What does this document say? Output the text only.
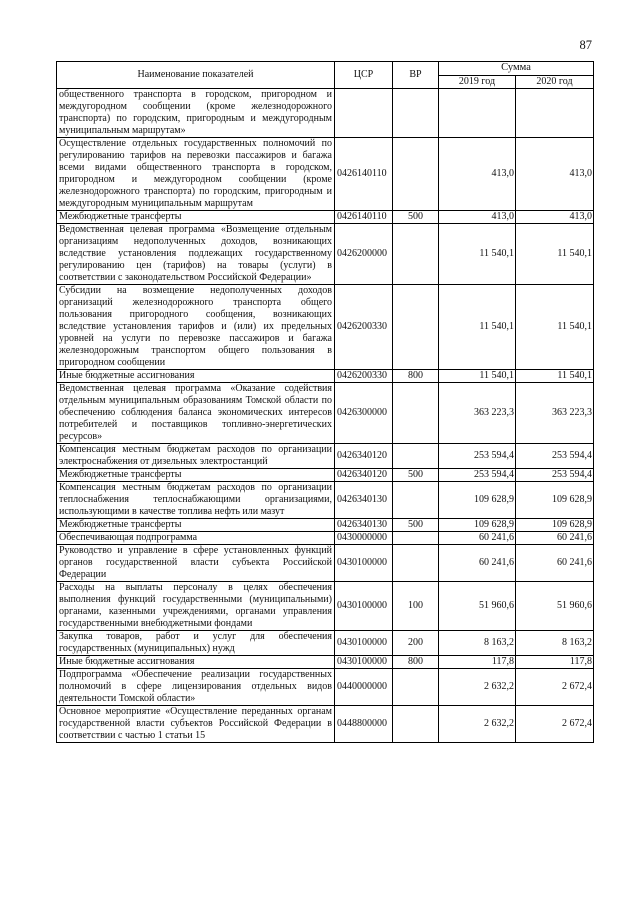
87
Наименование показателей	ЦСР	ВР	Сумма	
			2019 год	2020 год
общественного транспорта в городском, пригородном и междугородном сообщении (кроме железнодорожного транспорта) по городским, пригородным и междугородным муниципальным маршрутам»				
Осуществление отдельных государственных полномочий по регулированию тарифов на перевозки пассажиров и багажа всеми видами общественного транспорта в городском, пригородном и междугородном сообщении (кроме железнодорожного транспорта) по городским, пригородным и междугородным муниципальным маршрутам	0426140110		413,0	413,0
Межбюджетные трансферты	0426140110	500	413,0	413,0
Ведомственная целевая программа «Возмещение отдельным организациям недополученных доходов, возникающих вследствие установления подлежащих государственному регулированию цен (тарифов) на товары (услуги) в соответствии с законодательством Российской Федерации»	0426200000		11 540,1	11 540,1
Субсидии на возмещение недополученных доходов организаций железнодорожного транспорта общего пользования пригородного сообщения, возникающих вследствие установления тарифов и (или) их предельных уровней на услуги по перевозке пассажиров и багажа железнодорожным транспортом общего пользования в пригородном сообщении	0426200330		11 540,1	11 540,1
Иные бюджетные ассигнования	0426200330	800	11 540,1	11 540,1
Ведомственная целевая программа «Оказание содействия отдельным муниципальным образованиям Томской области по обеспечению соблюдения баланса экономических интересов потребителей и поставщиков топливно-энергетических ресурсов»	0426300000		363 223,3	363 223,3
Компенсация местным бюджетам расходов по организации электроснабжения от дизельных электростанций	0426340120		253 594,4	253 594,4
Межбюджетные трансферты	0426340120	500	253 594,4	253 594,4
Компенсация местным бюджетам расходов по организации теплоснабжения теплоснабжающими организациями, использующими в качестве топлива нефть или мазут	0426340130		109 628,9	109 628,9
Межбюджетные трансферты	0426340130	500	109 628,9	109 628,9
Обеспечивающая подпрограмма	0430000000		60 241,6	60 241,6
Руководство и управление в сфере установленных функций органов государственной власти субъекта Российской Федерации	0430100000		60 241,6	60 241,6
Расходы на выплаты персоналу в целях обеспечения выполнения функций государственными (муниципальными) органами, казенными учреждениями, органами управления государственными внебюджетными фондами	0430100000	100	51 960,6	51 960,6
Закупка товаров, работ и услуг для обеспечения государственных (муниципальных) нужд	0430100000	200	8 163,2	8 163,2
Иные бюджетные ассигнования	0430100000	800	117,8	117,8
Подпрограмма «Обеспечение реализации государственных полномочий в сфере лицензирования отдельных видов деятельности Томской области»	0440000000		2 632,2	2 672,4
Основное мероприятие «Осуществление переданных органам государственной власти субъектов Российской Федерации в соответствии с частью 1 статьи 15	0448800000		2 632,2	2 672,4
